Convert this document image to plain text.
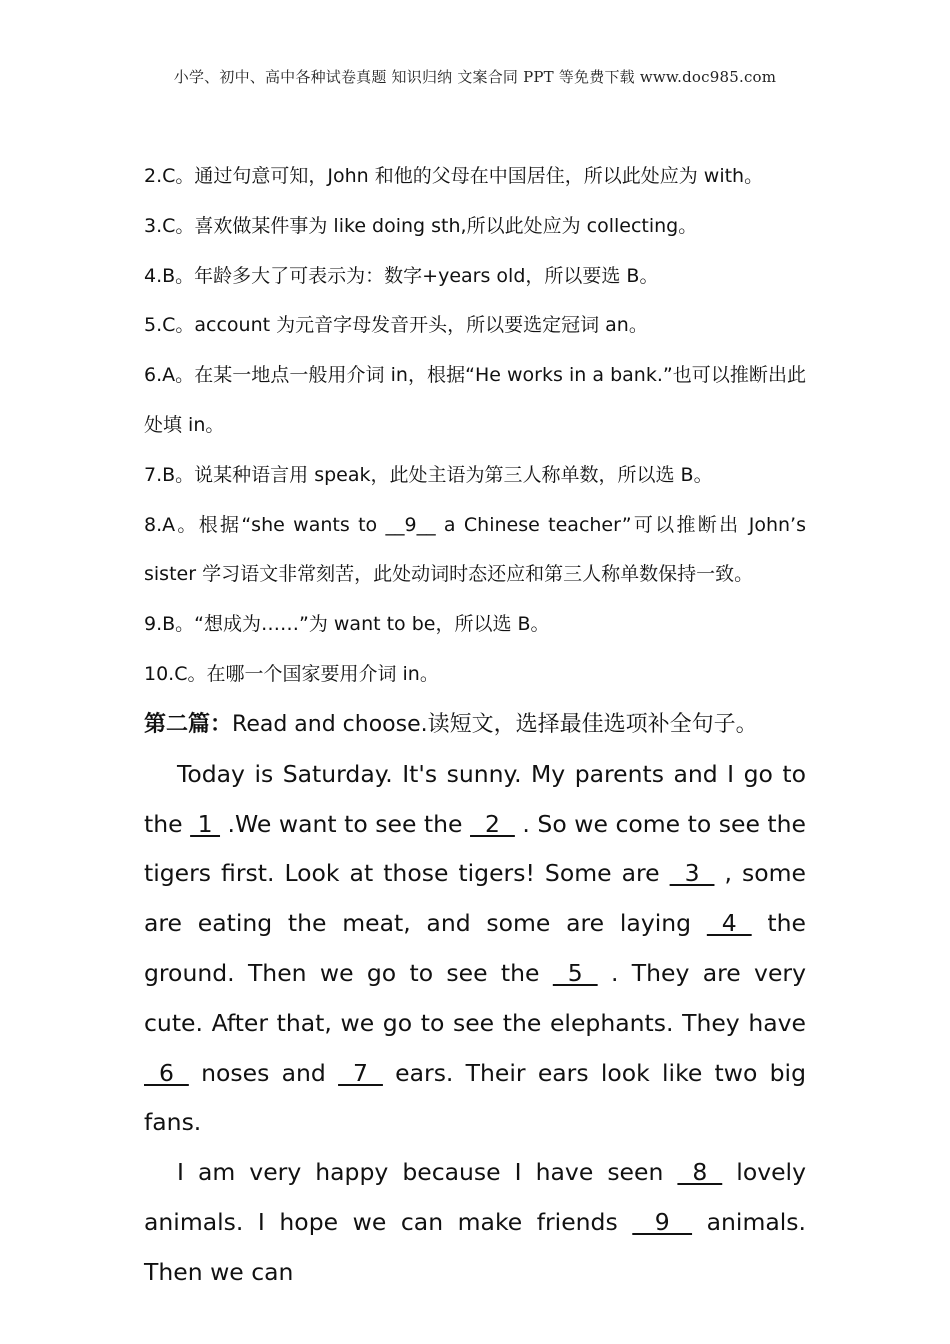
小学、初中、高中各种试卷真题 知识归纳 文案合同 PPT 等免费下载 www.doc985.com

2.C。通过句意可知，John 和他的父母在中国居住，所以此处应为 with。

3.C。喜欢做某件事为 like doing sth,所以此处应为 collecting。

4.B。年龄多大了可表示为：数字+years old，所以要选 B。

5.C。account 为元音字母发音开头，所以要选定冠词 an。

6.A。在某一地点一般用介词 in，根据“He works in a bank.”也可以推断出此处填 in。

7.B。说某种语言用 speak，此处主语为第三人称单数，所以选 B。

8.A。根据“she wants to __9__ a Chinese teacher”可以推断出 John’s sister 学习语文非常刻苦，此处动词时态还应和第三人称单数保持一致。

9.B。“想成为……”为 want to be，所以选 B。

10.C。在哪一个国家要用介词 in。

第二篇：Read and choose.读短文，选择最佳选项补全句子。

Today is Saturday. It's sunny. My parents and I go to the  1  .We want to see the   2   . So we come to see the tigers first. Look at those tigers! Some are   3   , some are eating the meat, and some are laying   4   the ground. Then we go to see the   5   . They are very cute. After that, we go to see the elephants. They have   6   noses and   7   ears. Their ears look like two big fans.

I am very happy because I have seen   8   lovely animals. I hope we can make friends    9    animals. Then we can
